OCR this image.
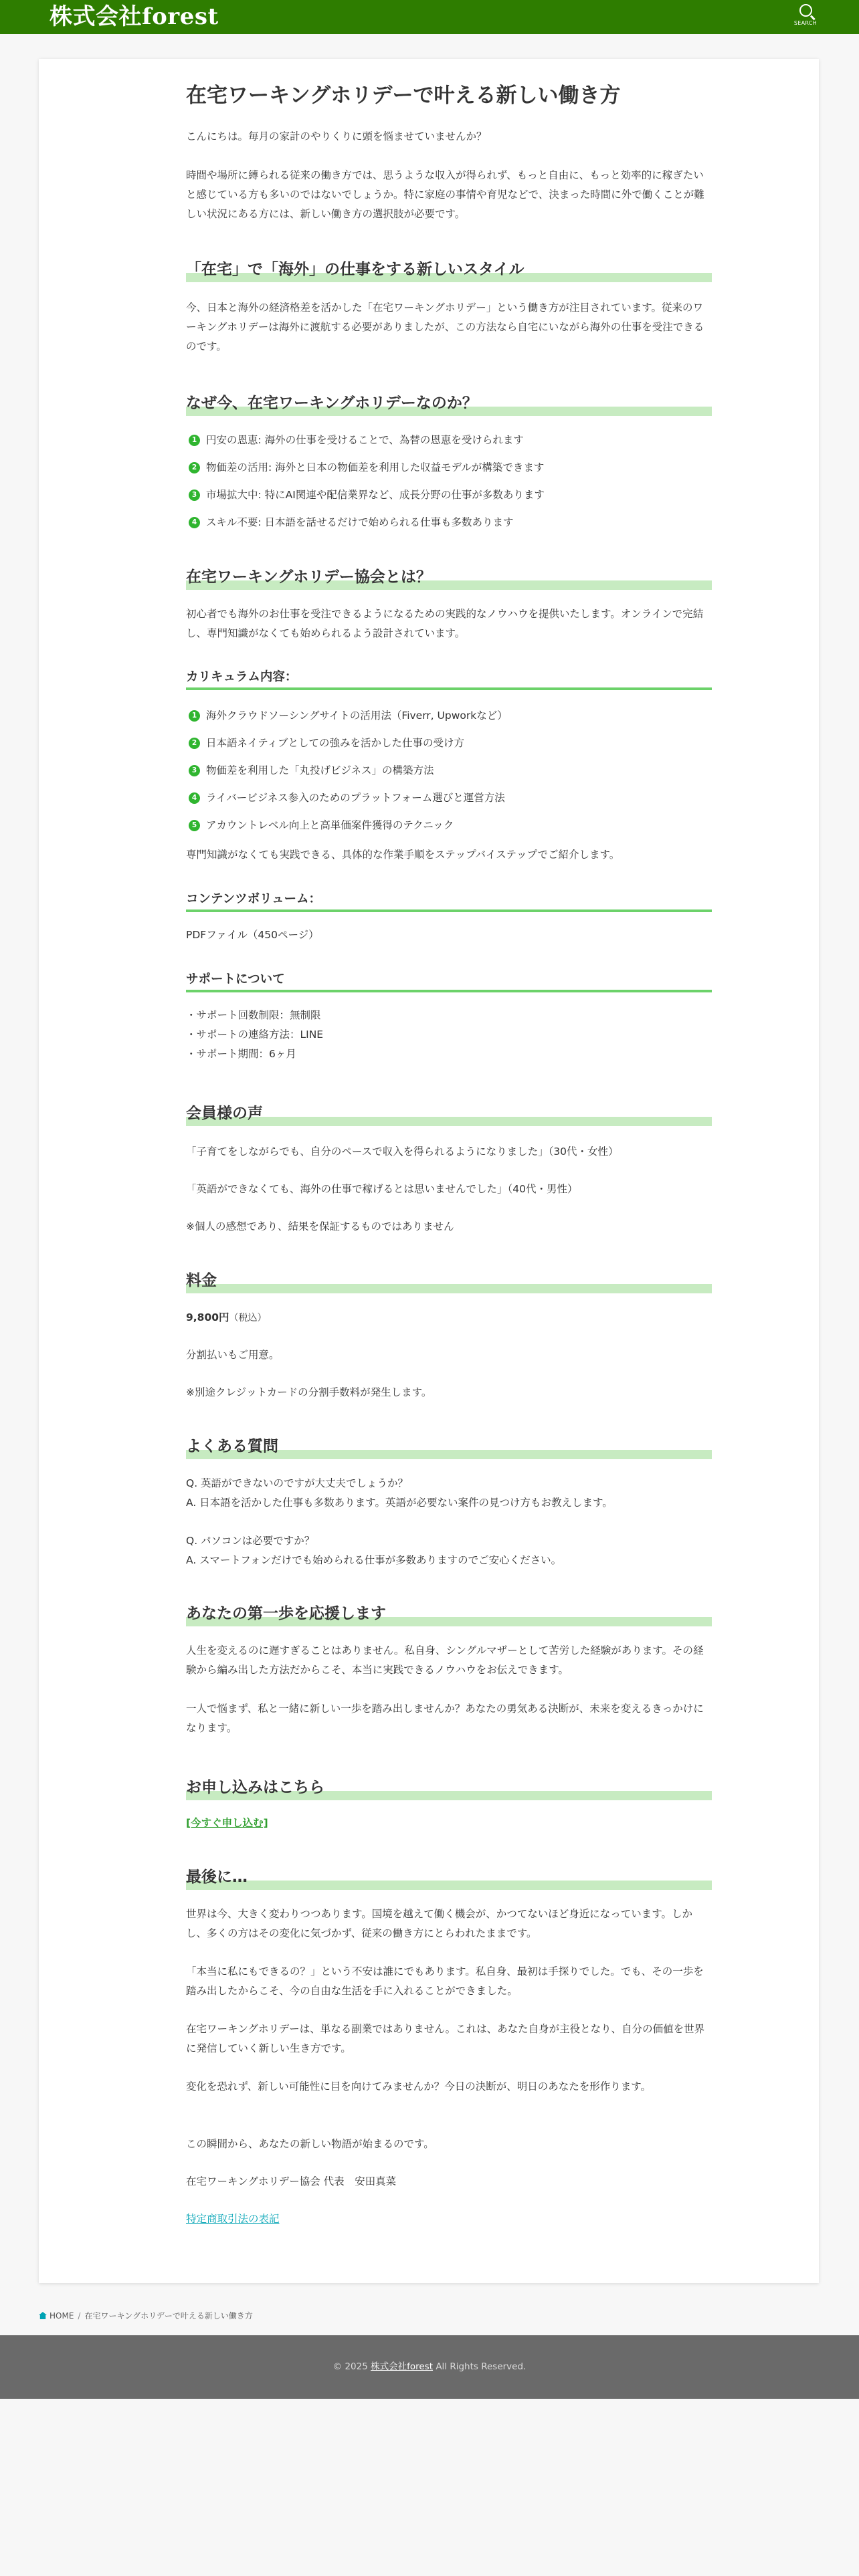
株式会社forest	SEARCH
在宅ワーキングホリデーで叶える新しい働き方

こんにちは。毎月の家計のやりくりに頭を悩ませていませんか？

時間や場所に縛られる従来の働き方では、思うような収入が得られず、もっと自由に、もっと効率的に稼ぎたいと感じている方も多いのではないでしょうか。特に家庭の事情や育児などで、決まった時間に外で働くことが難しい状況にある方には、新しい働き方の選択肢が必要です。

「在宅」で「海外」の仕事をする新しいスタイル

今、日本と海外の経済格差を活かした「在宅ワーキングホリデー」という働き方が注目されています。従来のワーキングホリデーは海外に渡航する必要がありましたが、この方法なら自宅にいながら海外の仕事を受注できるのです。

なぜ今、在宅ワーキングホリデーなのか？
1 円安の恩恵: 海外の仕事を受けることで、為替の恩恵を受けられます
2 物価差の活用: 海外と日本の物価差を利用した収益モデルが構築できます
3 市場拡大中: 特にAI関連や配信業界など、成長分野の仕事が多数あります
4 スキル不要: 日本語を話せるだけで始められる仕事も多数あります
在宅ワーキングホリデー協会とは？

初心者でも海外のお仕事を受注できるようになるための実践的なノウハウを提供いたします。オンラインで完結し、専門知識がなくても始められるよう設計されています。

カリキュラム内容：
1 海外クラウドソーシングサイトの活用法（Fiverr, Upworkなど）
2 日本語ネイティブとしての強みを活かした仕事の受け方
3 物価差を利用した「丸投げビジネス」の構築方法
4 ライバービジネス参入のためのプラットフォーム選びと運営方法
5 アカウントレベル向上と高単価案件獲得のテクニック

専門知識がなくても実践できる、具体的な作業手順をステップバイステップでご紹介します。

コンテンツボリューム：

PDFファイル（450ページ）

サポートについて

・サポート回数制限：無制限

・サポートの連絡方法：LINE

・サポート期間：6ヶ月

会員様の声

「子育てをしながらでも、自分のペースで収入を得られるようになりました」（30代・女性）

「英語ができなくても、海外の仕事で稼げるとは思いませんでした」（40代・男性）

※個人の感想であり、結果を保証するものではありません

料金

9,800円（税込）

分割払いもご用意。

※別途クレジットカードの分割手数料が発生します。

よくある質問

Q. 英語ができないのですが大丈夫でしょうか？

A. 日本語を活かした仕事も多数あります。英語が必要ない案件の見つけ方もお教えします。

Q. パソコンは必要ですか？

A. スマートフォンだけでも始められる仕事が多数ありますのでご安心ください。

あなたの第一歩を応援します

人生を変えるのに遅すぎることはありません。私自身、シングルマザーとして苦労した経験があります。その経験から編み出した方法だからこそ、本当に実践できるノウハウをお伝えできます。

一人で悩まず、私と一緒に新しい一歩を踏み出しませんか？あなたの勇気ある決断が、未来を変えるきっかけになります。

お申し込みはこちら

[今すぐ申し込む]

最後に…

世界は今、大きく変わりつつあります。国境を越えて働く機会が、かつてないほど身近になっています。しかし、多くの方はその変化に気づかず、従来の働き方にとらわれたままです。

「本当に私にもできるの？」という不安は誰にでもあります。私自身、最初は手探りでした。でも、その一歩を踏み出したからこそ、今の自由な生活を手に入れることができました。

在宅ワーキングホリデーは、単なる副業ではありません。これは、あなた自身が主役となり、自分の価値を世界に発信していく新しい生き方です。

変化を恐れず、新しい可能性に目を向けてみませんか？今日の決断が、明日のあなたを形作ります。

この瞬間から、あなたの新しい物語が始まるのです。

在宅ワーキングホリデー協会 代表　安田真菜

特定商取引法の表記

HOME / 在宅ワーキングホリデーで叶える新しい働き方
© 2025 株式会社forest All Rights Reserved.
